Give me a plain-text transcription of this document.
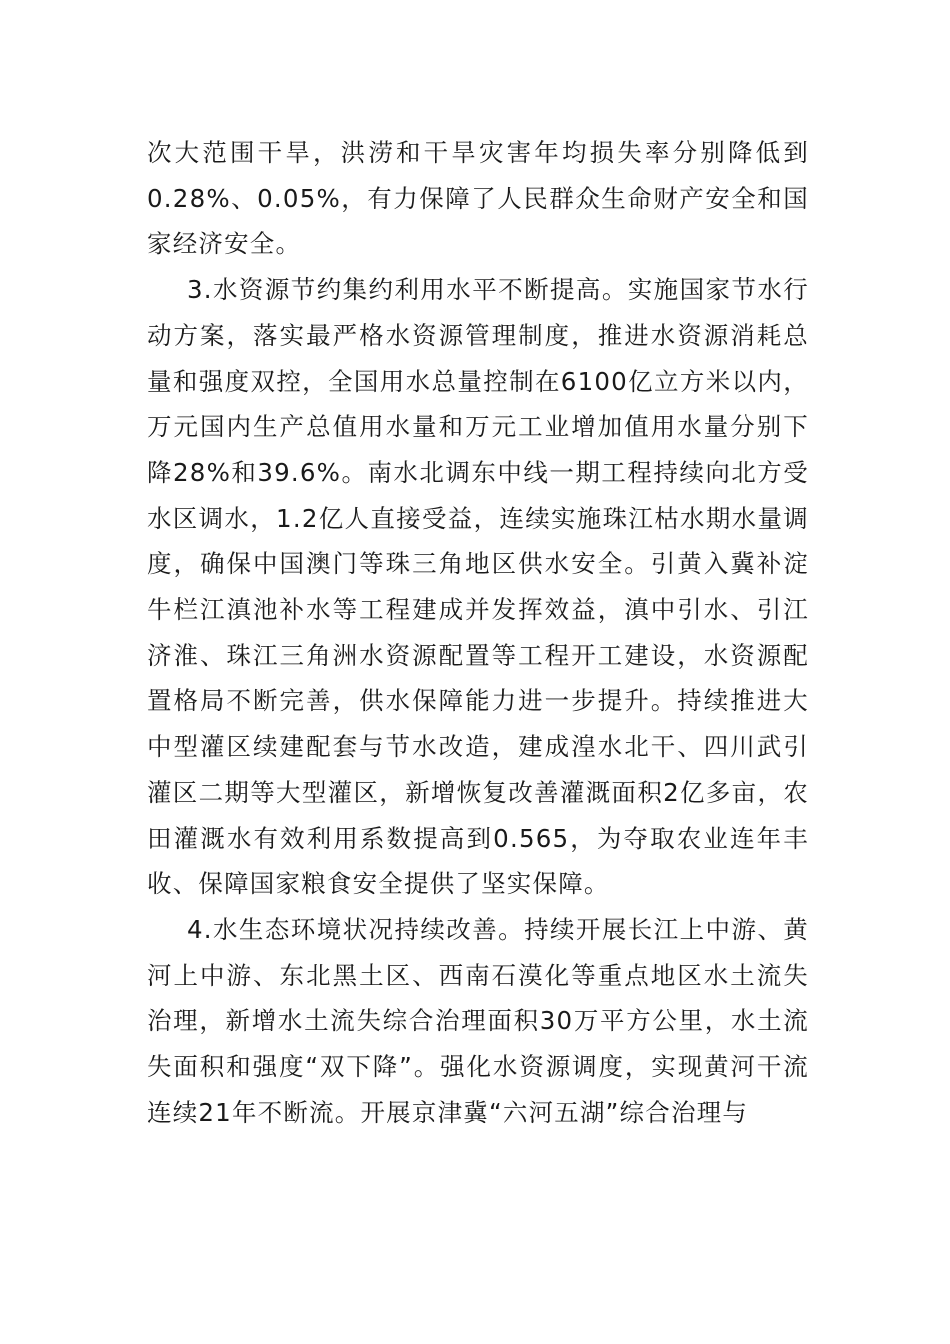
次大范围干旱，洪涝和干旱灾害年均损失率分别降低到0.28%、0.05%，有力保障了人民群众生命财产安全和国家经济安全。

3.水资源节约集约利用水平不断提高。实施国家节水行动方案，落实最严格水资源管理制度，推进水资源消耗总量和强度双控，全国用水总量控制在6100亿立方米以内，万元国内生产总值用水量和万元工业增加值用水量分别下降28%和39.6%。南水北调东中线一期工程持续向北方受水区调水，1.2亿人直接受益，连续实施珠江枯水期水量调度，确保中国澳门等珠三角地区供水安全。引黄入冀补淀牛栏江滇池补水等工程建成并发挥效益，滇中引水、引江济淮、珠江三角洲水资源配置等工程开工建设，水资源配置格局不断完善，供水保障能力进一步提升。持续推进大中型灌区续建配套与节水改造，建成湟水北干、四川武引灌区二期等大型灌区，新增恢复改善灌溉面积2亿多亩，农田灌溉水有效利用系数提高到0.565，为夺取农业连年丰收、保障国家粮食安全提供了坚实保障。

4.水生态环境状况持续改善。持续开展长江上中游、黄河上中游、东北黑土区、西南石漠化等重点地区水土流失治理，新增水土流失综合治理面积30万平方公里，水土流失面积和强度“双下降”。强化水资源调度，实现黄河干流连续21年不断流。开展京津冀“六河五湖”综合治理与
